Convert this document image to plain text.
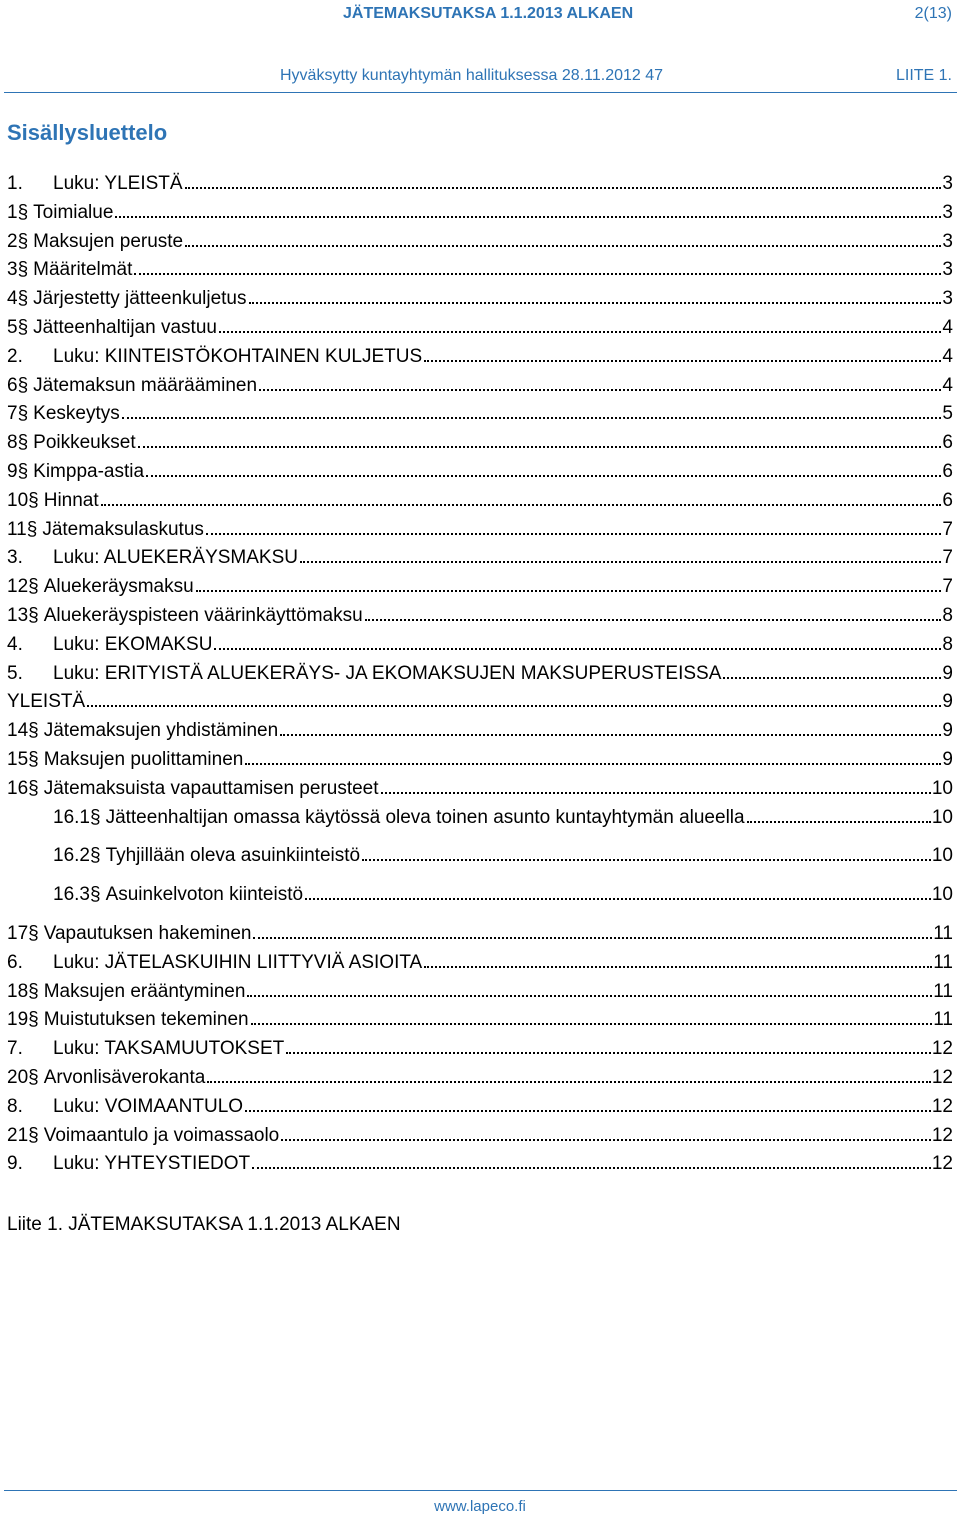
JÄTEMAKSUTAKSA 1.1.2013 ALKAEN	2(13)
Hyväksytty kuntayhtymän hallituksessa 28.11.2012 47	LIITE 1.
Sisällysluettelo
1.	Luku: YLEISTÄ	3
1 § Toimialue	3
2 § Maksujen peruste	3
3 § Määritelmät	3
4 § Järjestetty jätteenkuljetus	3
5 § Jätteenhaltijan vastuu	4
2.	Luku: KIINTEISTÖKOHTAINEN KULJETUS	4
6 § Jätemaksun määrääminen	4
7 § Keskeytys	5
8 § Poikkeukset	6
9 § Kimppa-astia	6
10 § Hinnat	6
11 § Jätemaksulaskutus	7
3.	Luku: ALUEKERÄYSMAKSU	7
12 § Aluekeräysmaksu	7
13 § Aluekeräyspisteen väärinkäyttömaksu	8
4.	Luku: EKOMAKSU	8
5.	Luku: ERITYISTÄ ALUEKERÄYS- JA EKOMAKSUJEN MAKSUPERUSTEISSA	9
YLEISTÄ	9
14 § Jätemaksujen yhdistäminen	9
15 § Maksujen puolittaminen	9
16 § Jätemaksuista vapauttamisen perusteet	10
16.1 § Jätteenhaltijan omassa käytössä oleva toinen asunto kuntayhtymän alueella	10
16.2 § Tyhjillään oleva asuinkiinteistö	10
16.3 § Asuinkelvoton kiinteistö	10
17 § Vapautuksen hakeminen	11
6.	Luku: JÄTELASKUIHIN LIITTYVIÄ ASIOITA	11
18 § Maksujen erääntyminen	11
19 § Muistutuksen tekeminen	11
7.	Luku: TAKSAMUUTOKSET	12
20 § Arvonlisäverokanta	12
8.	Luku: VOIMAANTULO	12
21 § Voimaantulo ja voimassaolo	12
9.	Luku: YHTEYSTIEDOT	12
Liite 1. JÄTEMAKSUTAKSA 1.1.2013 ALKAEN
www.lapeco.fi
